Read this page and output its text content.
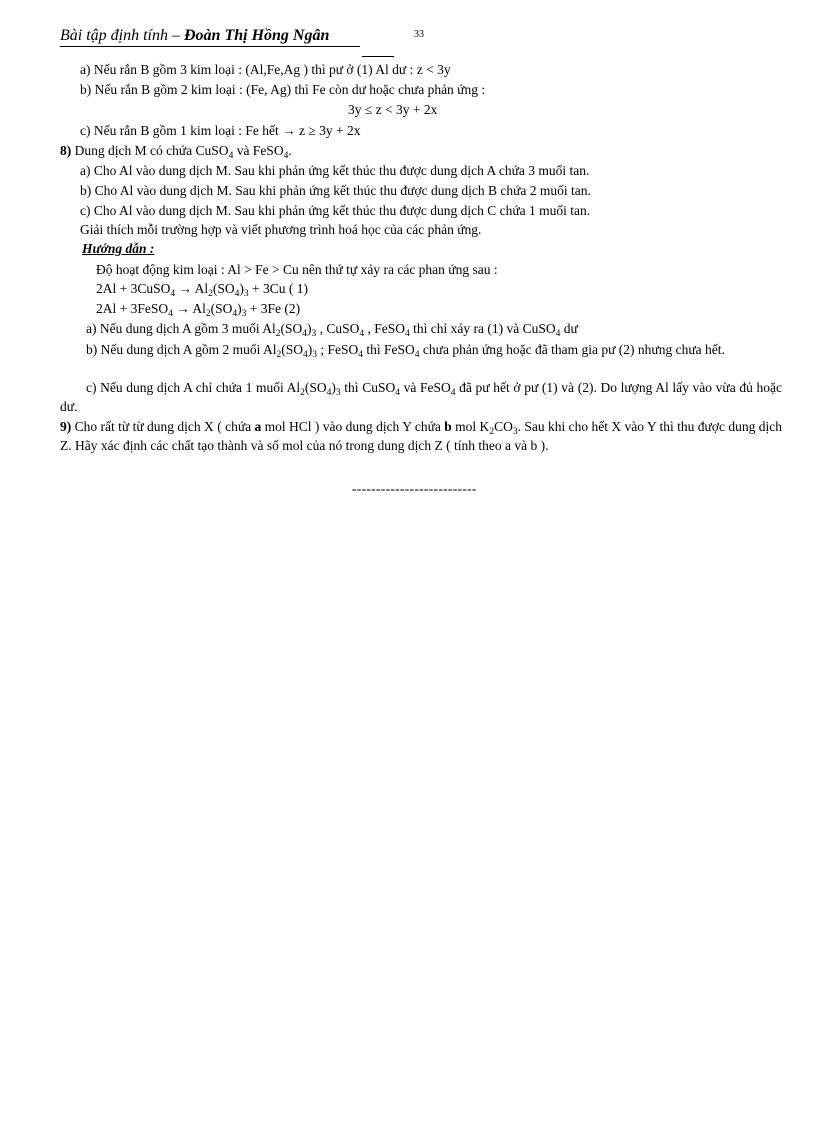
Bài tập định tính – Đoàn Thị Hồng Ngân	33
a) Nếu rắn B gồm 3 kim loại : (Al,Fe,Ag ) thì pư ở (1) Al dư : z < 3y
b) Nếu rắn B gồm 2 kim loại : (Fe, Ag) thì Fe còn dư hoặc chưa phản ứng :
3y ≤ z < 3y + 2x
c) Nếu rắn B gồm 1 kim loại : Fe hết → z ≥ 3y + 2x
8) Dung dịch M có chứa CuSO$_4$ và FeSO$_4$.
a) Cho Al vào dung dịch M. Sau khi phản ứng kết thúc thu được dung dịch A chứa 3 muối tan.
b) Cho Al vào dung dịch M. Sau khi phản ứng kết thúc thu được dung dịch B chứa 2 muối tan.
c) Cho Al vào dung dịch M. Sau khi phản ứng kết thúc thu được dung dịch C chứa 1 muối tan.
Giải thích mỗi trường hợp và viết phương trình hoá học của các phản ứng.
Hướng dẫn :
Độ hoạt động kim loại : Al > Fe > Cu nên thứ tự xảy ra các phan ứng sau :
2Al + 3CuSO$_4$ → $Al_2(SO_4)_3 + 3Cu$ ( 1)
2Al + 3FeSO$_4$ → $Al_2(SO_4)_3 + 3Fe$ (2)
a) Nếu dung dịch A gồm 3 muối $Al_2(SO_4)_3$ , CuSO$_4$ , FeSO$_4$ thì chỉ xảy ra (1) và CuSO$_4$ dư
b) Nếu dung dịch A gồm 2 muối $Al_2(SO_4)_3$ ; FeSO$_4$ thì FeSO$_4$ chưa phản ứng hoặc đã tham gia pư (2) nhưng chưa hết.
c) Nếu dung dịch A chỉ chứa 1 muối $Al_2(SO_4)_3$ thì CuSO$_4$ và FeSO$_4$ đã pư hết ở pư (1) và (2). Do lượng Al lấy vào vừa đủ hoặc dư.
9) Cho rất từ từ dung dịch X ( chứa a mol HCl ) vào dung dịch Y chứa b mol $K_2CO_3$. Sau khi cho hết X vào Y thì thu được dung dịch Z. Hãy xác định các chất tạo thành và số mol của nó trong dung dịch Z ( tính theo a và b ).
--------------------------
